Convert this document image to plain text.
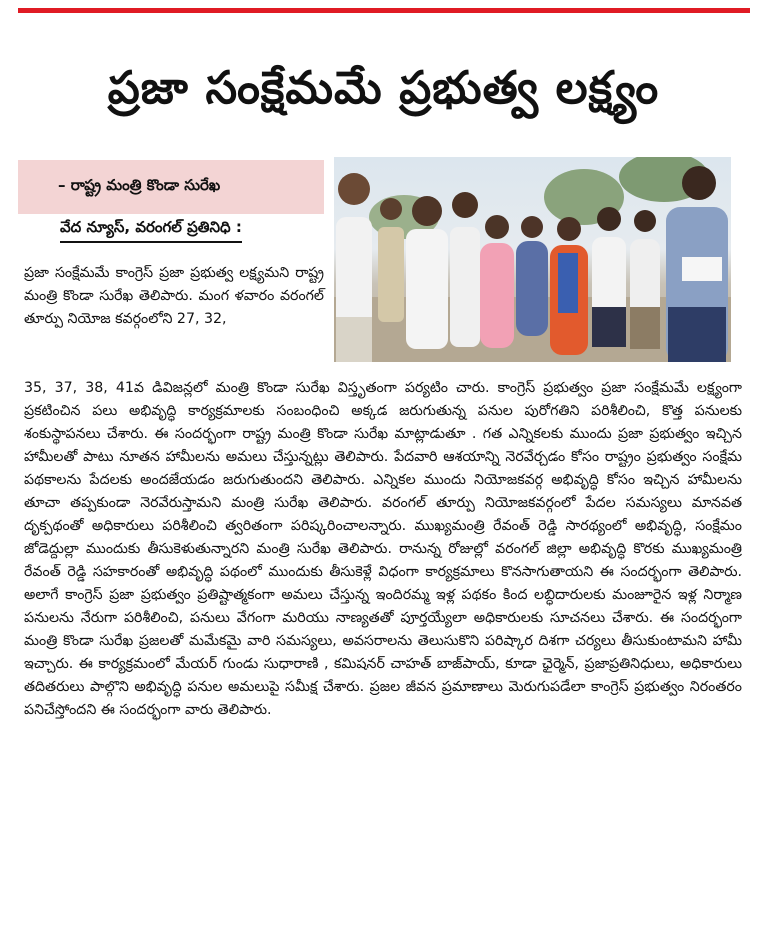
ప్రజా సంక్షేమమే ప్రభుత్వ లక్ష్యం
– రాష్ట్ర మంత్రి కొండా సురేఖ
వేద న్యూస్, వరంగల్ ప్రతినిధి :

ప్రజా సంక్షేమమే కాంగ్రెస్ ప్రజా ప్రభుత్వ లక్ష్యమని రాష్ట్ర మంత్రి కొండా సురేఖ తెలిపారు. మంగ ళవారం వరంగల్ తూర్పు నియోజ కవర్గంలోని 27, 32,

35, 37, 38, 41వ డివిజన్లలో మంత్రి కొండా సురేఖ విస్తృతంగా పర్యటిం చారు. కాంగ్రెస్ ప్రభుత్వం ప్రజా సంక్షేమమే లక్ష్యంగా ప్రకటించిన పలు అభివృద్ధి కార్యక్రమాలకు సంబంధించి అక్కడ జరుగుతున్న పనుల పురోగతిని పరిశీలించి, కొత్త పనులకు శంకుస్థాపనలు చేశారు. ఈ సందర్భంగా రాష్ట్ర మంత్రి కొండా సురేఖ మాట్లాడుతూ . గత ఎన్నికలకు ముందు ప్రజా ప్రభుత్వం ఇచ్చిన హామీలతో పాటు నూతన హామీలను అమలు చేస్తున్నట్లు తెలిపారు. పేదవారి ఆశయాన్ని నెరవేర్చడం కోసం రాష్ట్రం ప్రభుత్వం సంక్షేమ పథకాలను పేదలకు అందజేయడం జరుగుతుందని తెలిపారు. ఎన్నికల ముందు నియోజకవర్గ అభివృద్ధి కోసం ఇచ్చిన హామీలను తూచా తప్పకుండా నెరవేరుస్తామని మంత్రి సురేఖ తెలిపారు. వరంగల్ తూర్పు నియోజకవర్గంలో పేదల సమస్యలు మానవత దృక్పథంతో అధికారులు పరిశీలించి త్వరితంగా పరిష్కరించాలన్నారు. ముఖ్యమంత్రి రేవంత్ రెడ్డి సారథ్యంలో అభివృద్ధి, సంక్షేమం జోడెద్దుల్లా ముందుకు తీసుకెళుతున్నారని మంత్రి సురేఖ తెలిపారు. రానున్న రోజుల్లో వరంగల్ జిల్లా అభివృద్ధి కొరకు ముఖ్యమంత్రి రేవంత్ రెడ్డి సహకారంతో అభివృద్ధి పథంలో ముందుకు తీసుకెళ్లే విధంగా కార్యక్రమాలు కొనసాగుతాయని ఈ సందర్భంగా తెలిపారు. అలాగే కాంగ్రెస్ ప్రజా ప్రభుత్వం ప్రతిష్టాత్మకంగా అమలు చేస్తున్న ఇందిరమ్మ ఇళ్ల పథకం కింద లబ్ధిదారులకు మంజూరైన ఇళ్ల నిర్మాణ పనులను నేరుగా పరిశీలించి, పనులు వేగంగా మరియు నాణ్యతతో పూర్తయ్యేలా అధికారులకు సూచనలు చేశారు. ఈ సందర్భంగా మంత్రి కొండా సురేఖ ప్రజలతో మమేకమై వారి సమస్యలు, అవసరాలను తెలుసుకొని పరిష్కార దిశగా చర్యలు తీసుకుంటామని హామీ ఇచ్చారు. ఈ కార్యక్రమంలో మేయర్ గుండు సుధారాణి , కమిషనర్ చాహత్ బాజ్‌పాయ్, కూడా ఛైర్మెన్, ప్రజాప్రతినిధులు, అధికారులు తదితరులు పాల్గొని అభివృద్ధి పనుల అమలుపై సమీక్ష చేశారు. ప్రజల జీవన ప్రమాణాలు మెరుగుపడేలా కాంగ్రెస్ ప్రభుత్వం నిరంతరం పనిచేస్తోందని ఈ సందర్భంగా వారు తెలిపారు.
